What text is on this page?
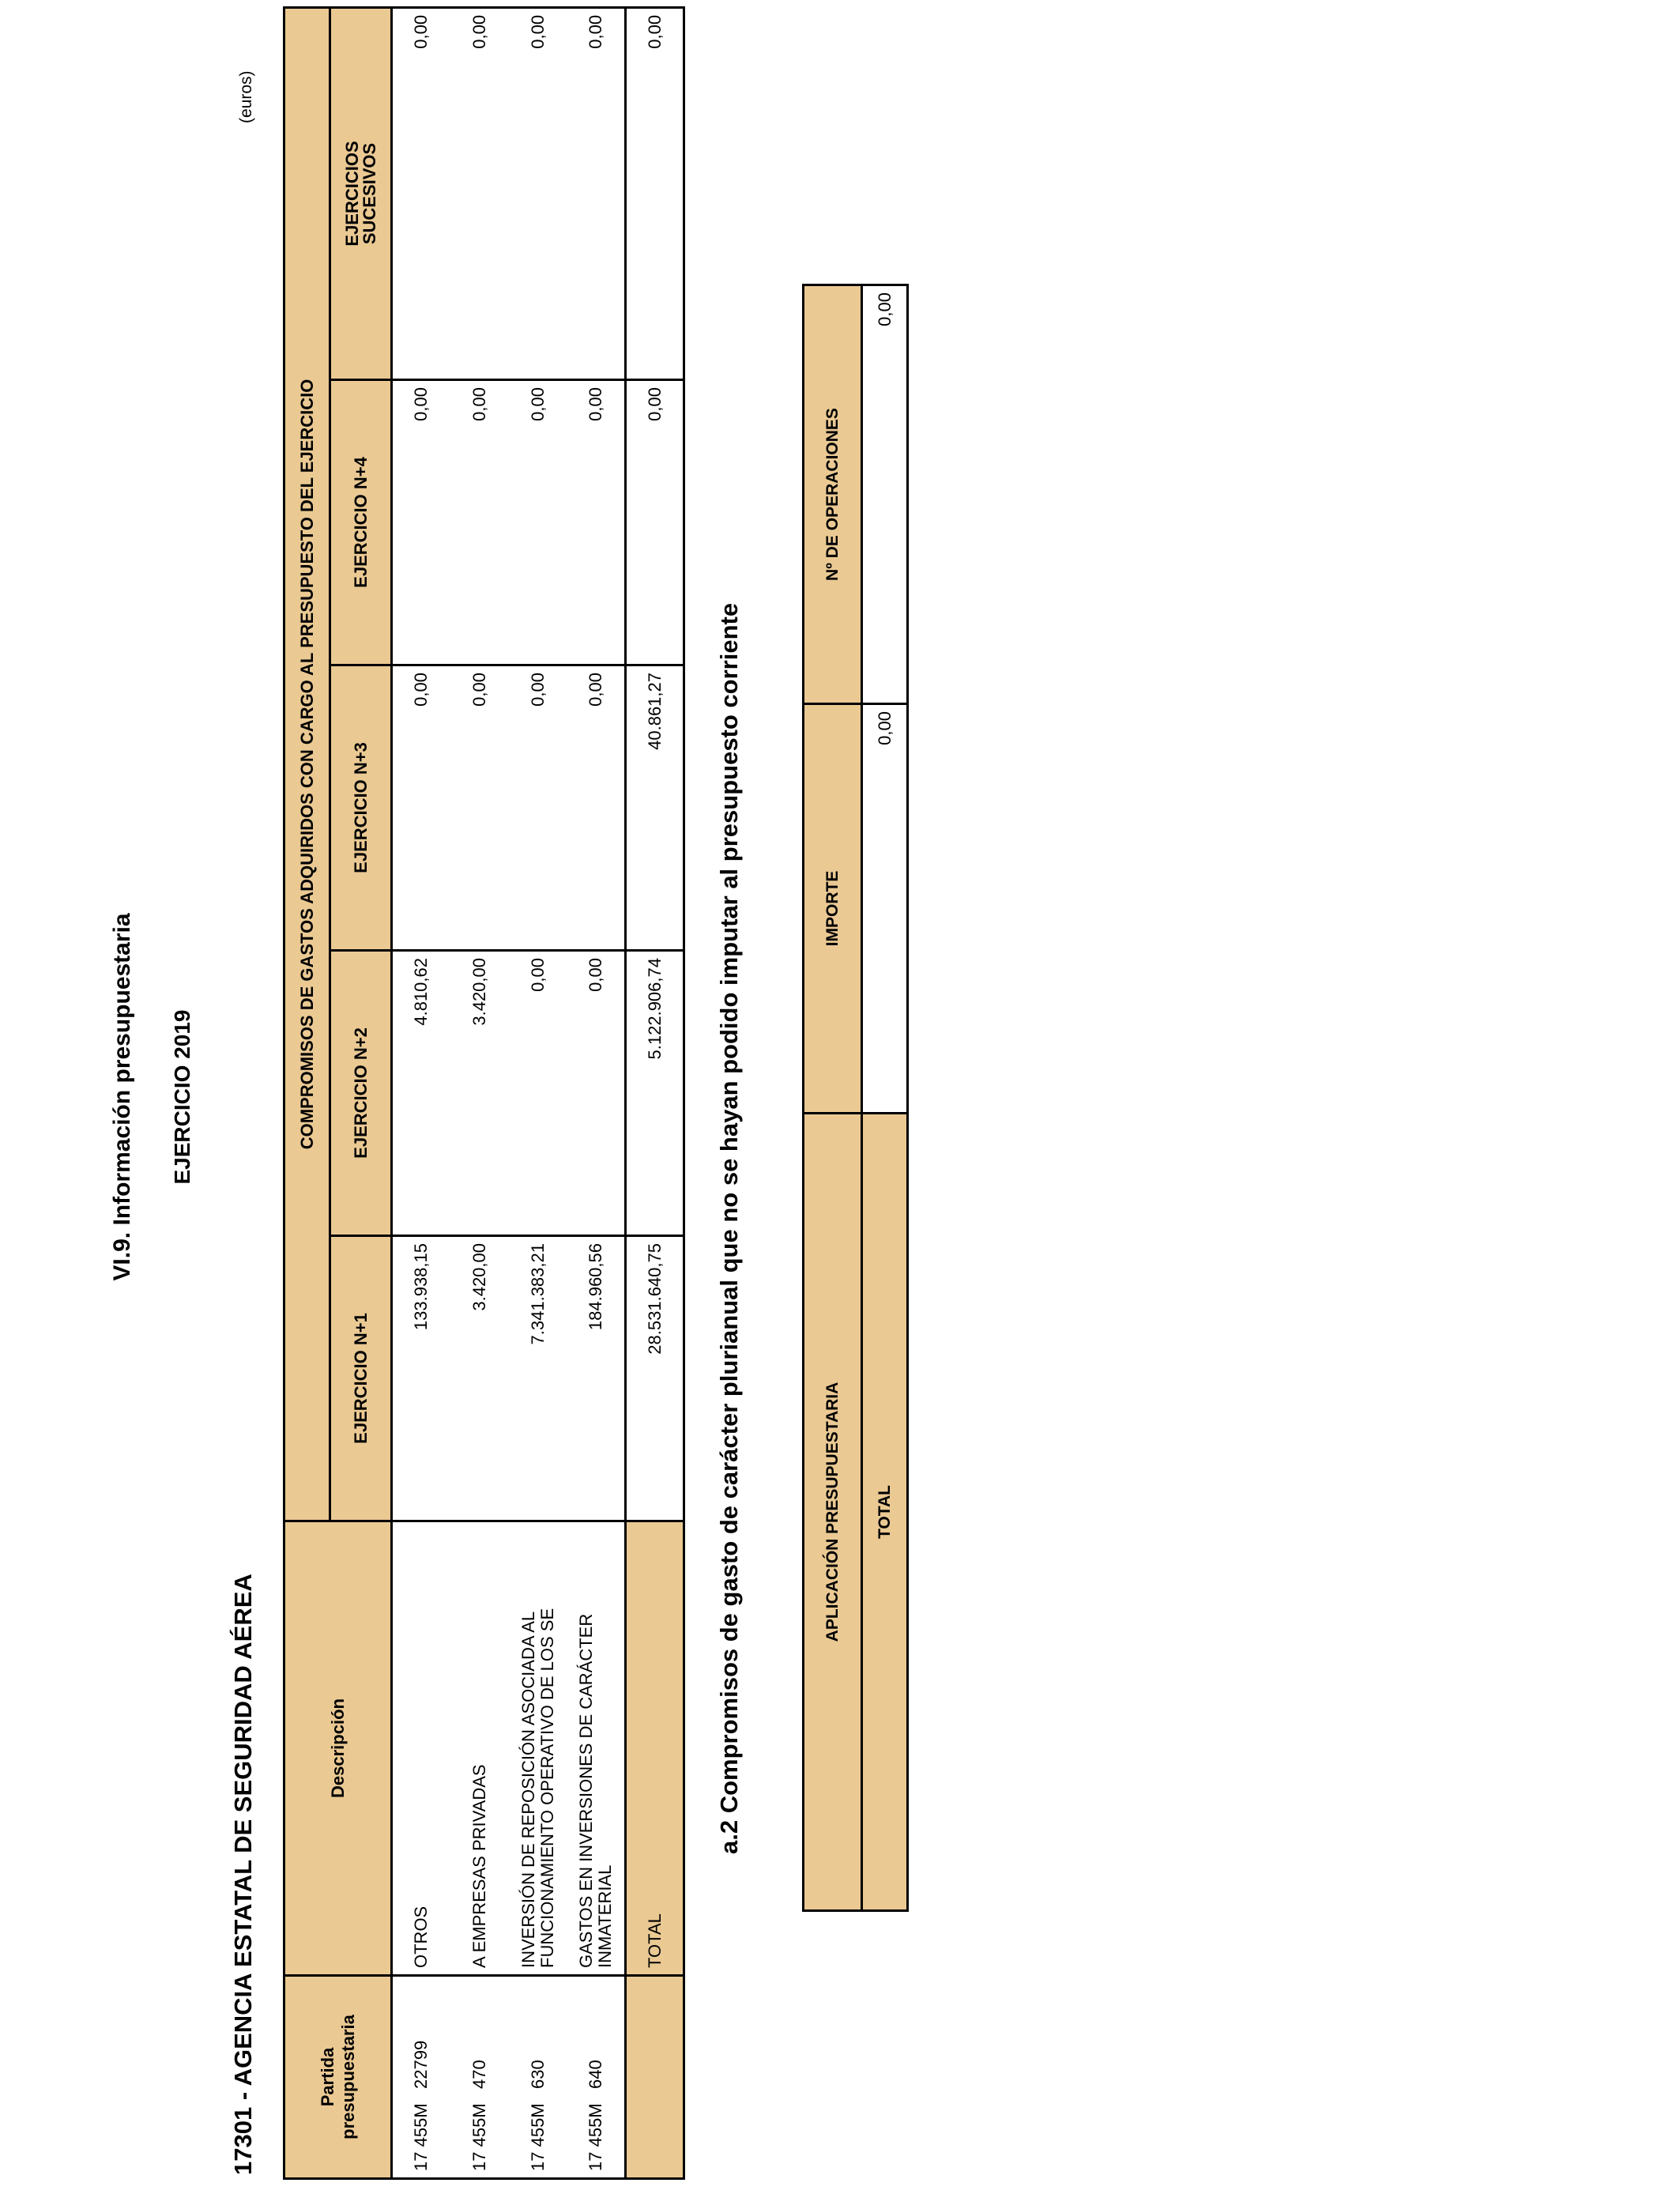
VI.9. Información presupuestaria EJERCICIO 2019
17301 - AGENCIA ESTATAL DE SEGURIDAD AÉREA
(euros)
Partida presupuestaria	Descripción	COMPROMISOS DE GASTOS ADQUIRIDOS CON CARGO AL PRESUPUESTO DEL EJERCICIO				
		EJERCICIO N+1	EJERCICIO N+2	EJERCICIO N+3	EJERCICIO N+4	EJERCICIOS SUCESIVOS
17 455M   22799	OTROS	133.938,15	4.810,62	0,00	0,00	0,00
17 455M   470	A EMPRESAS PRIVADAS	3.420,00	3.420,00	0,00	0,00	0,00
17 455M   630	INVERSIÓN DE REPOSICIÓN ASOCIADA AL FUNCIONAMIENTO OPERATIVO DE LOS SE	7.341.383,21	0,00	0,00	0,00	0,00
17 455M   640	GASTOS EN INVERSIONES DE CARÁCTER INMATERIAL	184.960,56	0,00	0,00	0,00	0,00
	TOTAL	28.531.640,75	5.122.906,74	40.861,27	0,00	0,00
a.2 Compromisos de gasto de carácter plurianual que no se hayan podido imputar al presupuesto corriente	APLICACIÓN PRESUPUESTARIA	IMPORTE	Nº DE OPERACIONES
TOTAL	0,00	0,00
